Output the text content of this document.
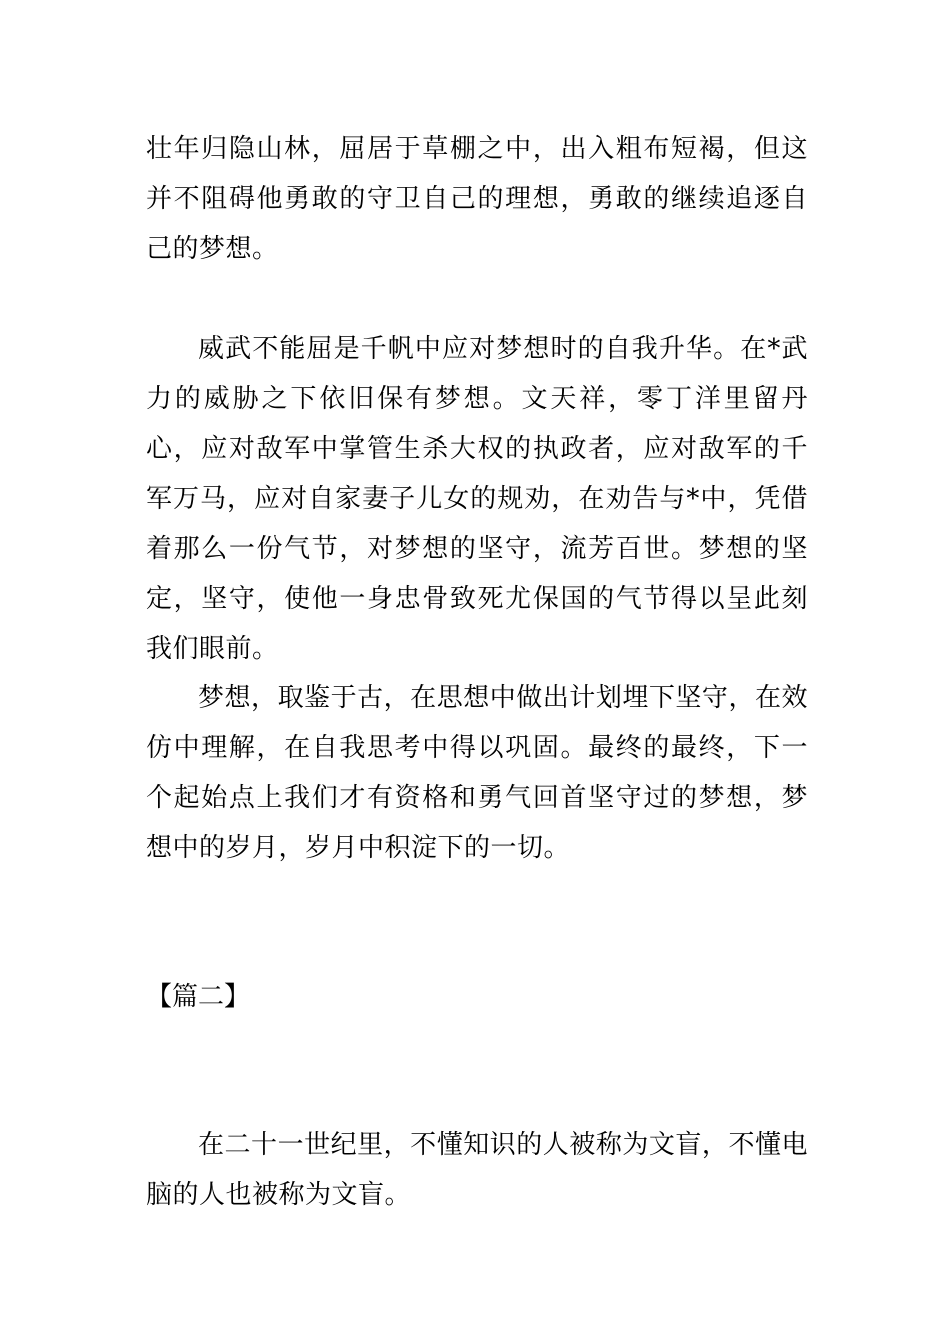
壮年归隐山林，屈居于草棚之中，出入粗布短褐，但这并不阻碍他勇敢的守卫自己的理想，勇敢的继续追逐自己的梦想。

威武不能屈是千帆中应对梦想时的自我升华。在*武力的威胁之下依旧保有梦想。文天祥，零丁洋里留丹心，应对敌军中掌管生杀大权的执政者，应对敌军的千军万马，应对自家妻子儿女的规劝，在劝告与*中，凭借着那么一份气节，对梦想的坚守，流芳百世。梦想的坚定，坚守，使他一身忠骨致死尤保国的气节得以呈此刻我们眼前。

梦想，取鉴于古，在思想中做出计划埋下坚守，在效仿中理解，在自我思考中得以巩固。最终的最终，下一个起始点上我们才有资格和勇气回首坚守过的梦想，梦想中的岁月，岁月中积淀下的一切。

【篇二】

在二十一世纪里，不懂知识的人被称为文盲，不懂电脑的人也被称为文盲。
